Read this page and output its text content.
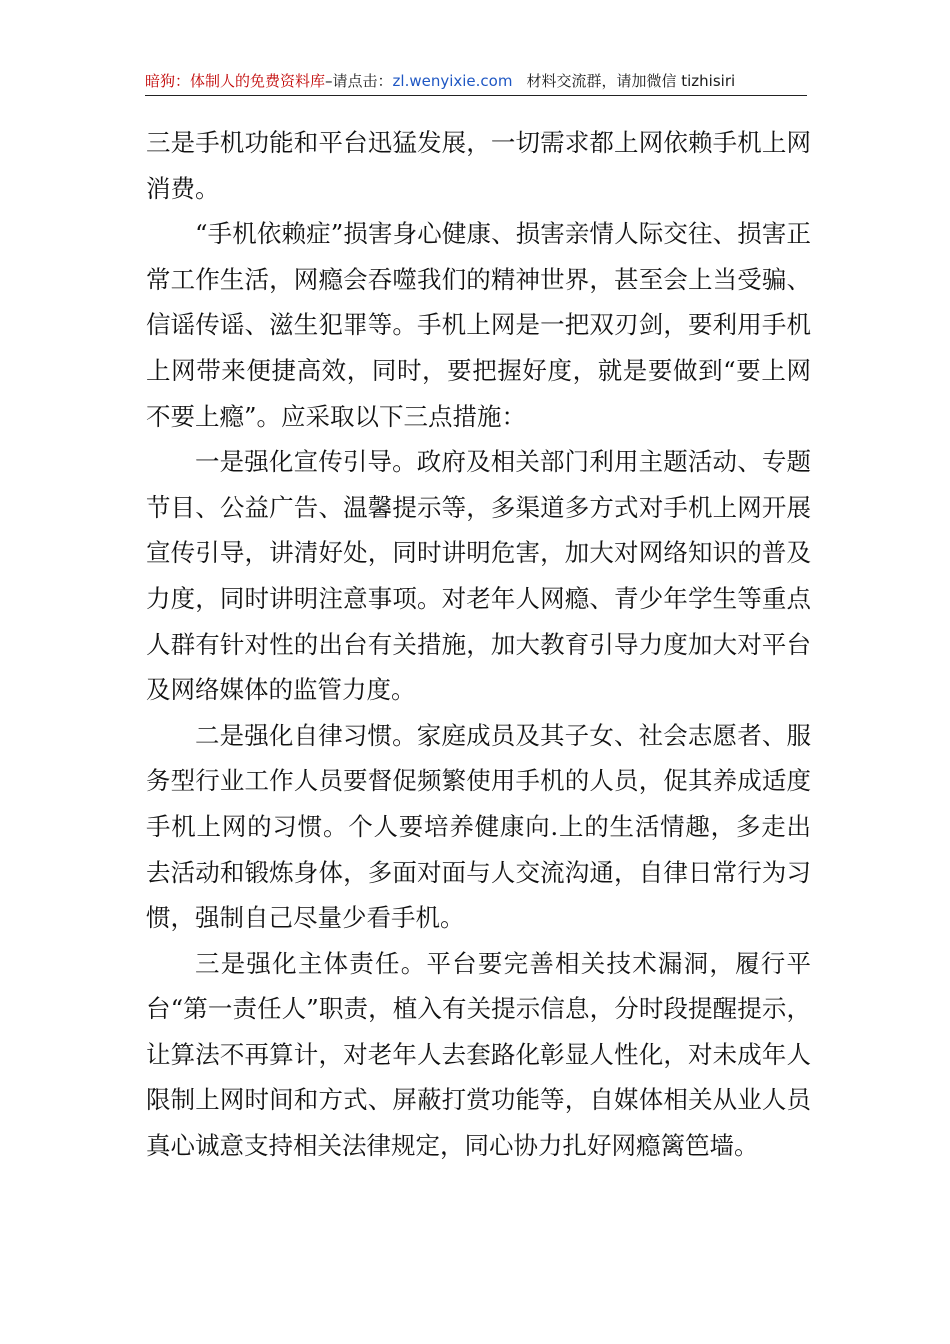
暗狗：体制人的免费资料库–请点击：zl.wenyixie.com 材料交流群，请加微信 tizhisiri

三是手机功能和平台迅猛发展，一切需求都上网依赖手机上网消费。

“手机依赖症”损害身心健康、损害亲情人际交往、损害正常工作生活，网瘾会吞噬我们的精神世界，甚至会上当受骗、信谣传谣、滋生犯罪等。手机上网是一把双刃剑，要利用手机上网带来便捷高效，同时，要把握好度，就是要做到“要上网不要上瘾”。应采取以下三点措施：

一是强化宣传引导。政府及相关部门利用主题活动、专题节目、公益广告、温馨提示等，多渠道多方式对手机上网开展宣传引导，讲清好处，同时讲明危害，加大对网络知识的普及力度，同时讲明注意事项。对老年人网瘾、青少年学生等重点人群有针对性的出台有关措施，加大教育引导力度加大对平台及网络媒体的监管力度。

二是强化自律习惯。家庭成员及其子女、社会志愿者、服务型行业工作人员要督促频繁使用手机的人员，促其养成适度手机上网的习惯。个人要培养健康向.上的生活情趣，多走出去活动和锻炼身体，多面对面与人交流沟通，自律日常行为习惯，强制自己尽量少看手机。

三是强化主体责任。平台要完善相关技术漏洞，履行平台“第一责任人”职责，植入有关提示信息，分时段提醒提示，让算法不再算计，对老年人去套路化彰显人性化，对未成年人限制上网时间和方式、屏蔽打赏功能等，自媒体相关从业人员真心诚意支持相关法律规定，同心协力扎好网瘾篱笆墙。
